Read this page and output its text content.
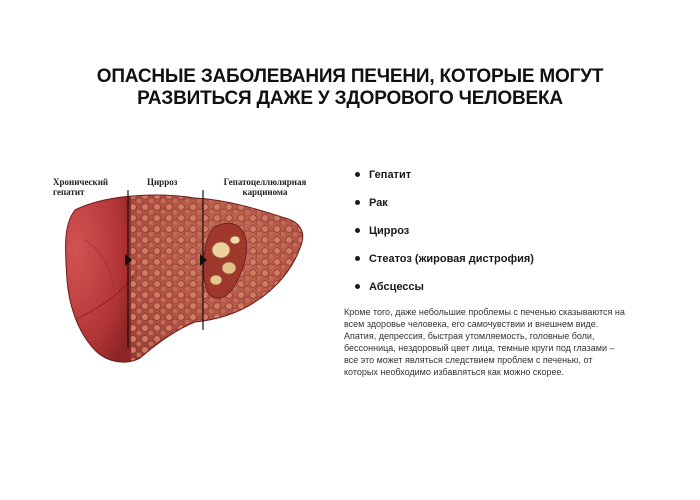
ОПАСНЫЕ ЗАБОЛЕВАНИЯ ПЕЧЕНИ, КОТОРЫЕ МОГУТ
РАЗВИТЬСЯ ДАЖЕ У ЗДОРОВОГО ЧЕЛОВЕКА
Хронический
гепатит
Цирроз	Гепатоцеллюлярная
карцинома
Гепатит
Рак
Цирроз
Стеатоз (жировая дистрофия)
Абсцессы
Кроме того, даже небольшие проблемы с печенью сказываются на
всем здоровье человека, его самочувствии и внешнем виде.
Апатия, депрессия, быстрая утомляемость, головные боли,
бессонница, нездоровый цвет лица, темные круги под глазами –
все это может являться следствием проблем с печенью, от
которых необходимо избавляться как можно скорее.
